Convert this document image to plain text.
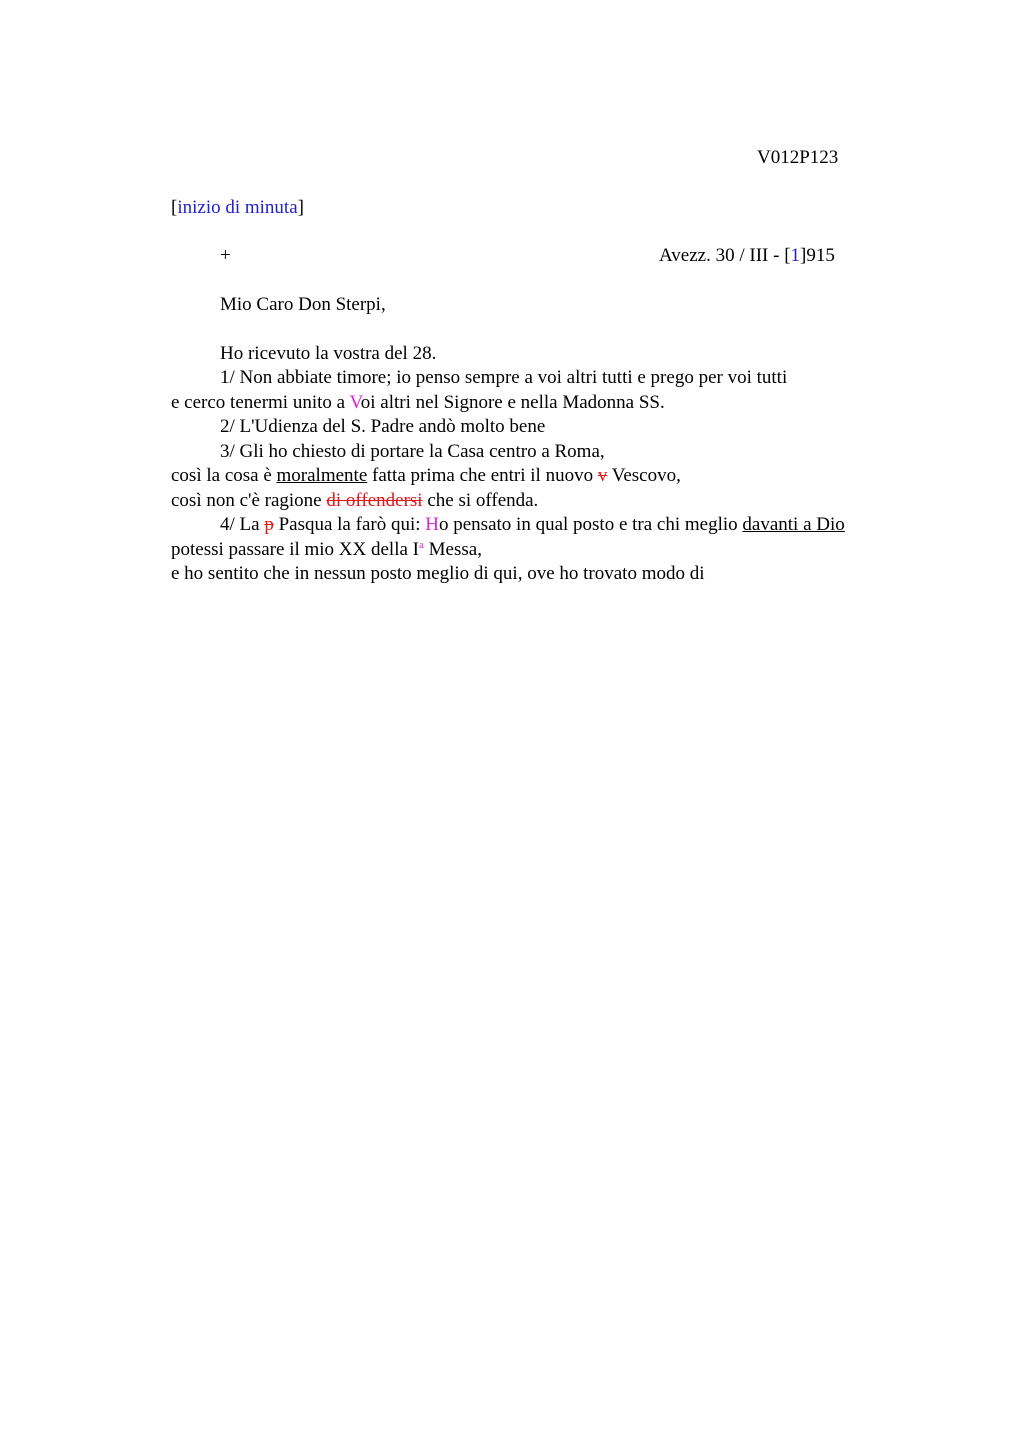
V012P123
[inizio di minuta]
+	Avezz. 30 / III - [1]915
Mio Caro Don Sterpi,
Ho ricevuto la vostra del 28.
1/ Non abbiate timore; io penso sempre a voi altri tutti e prego per voi tutti
e cerco tenermi unito a Voi altri nel Signore e nella Madonna SS.
2/ L'Udienza del S. Padre andò molto bene
3/ Gli ho chiesto di portare la Casa centro a Roma,
così la cosa è moralmente fatta prima che entri il nuovo v Vescovo,
così non c'è ragione di offendersi che si offenda.
4/ La p Pasqua la farò qui: Ho pensato in qual posto e tra chi meglio davanti a Dio
potessi passare il mio XX della $I^a$ Messa,
e ho sentito che in nessun posto meglio di qui, ove ho trovato modo di
